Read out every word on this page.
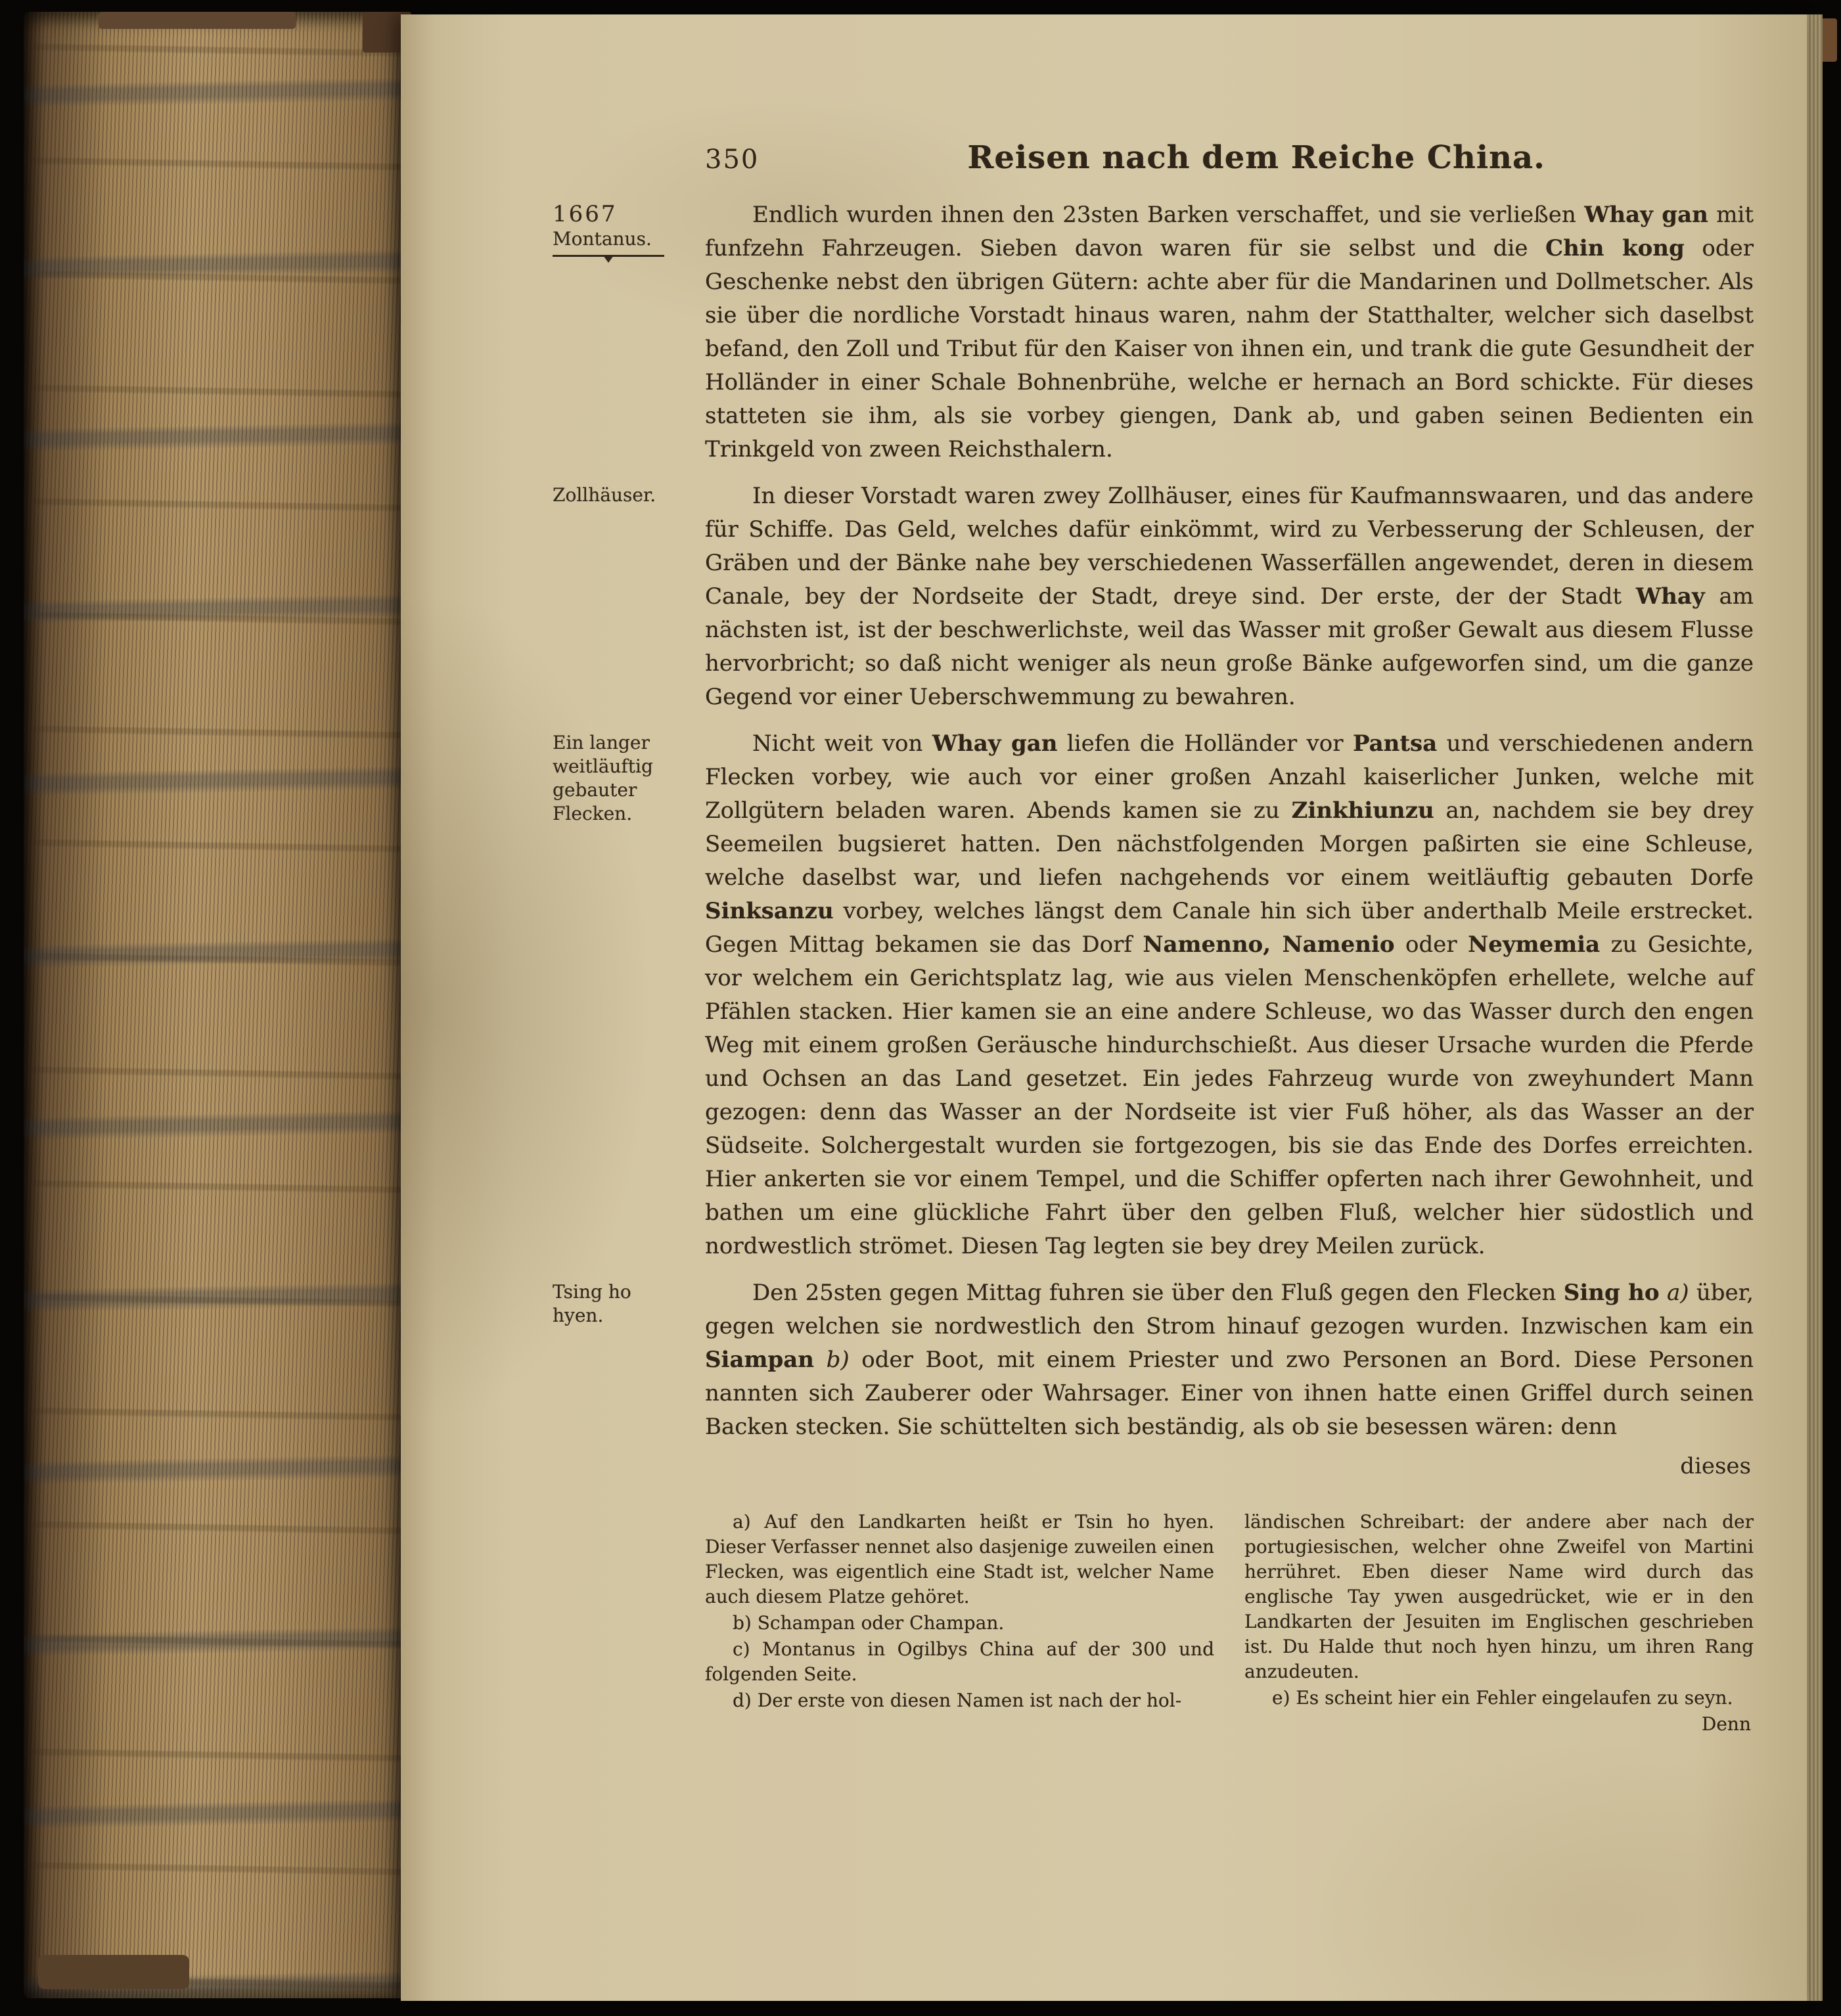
350	Reisen nach dem Reiche China.
1667
Montanus.
Endlich wurden ihnen den 23sten Barken verschaffet, und sie verließen Whay gan mit funfzehn Fahrzeugen. Sieben davon waren für sie selbst und die Chin kong oder Geschenke nebst den übrigen Gütern: achte aber für die Mandarinen und Dollmetscher. Als sie über die nordliche Vorstadt hinaus waren, nahm der Statthalter, welcher sich daselbst befand, den Zoll und Tribut für den Kaiser von ihnen ein, und trank die gute Gesundheit der Holländer in einer Schale Bohnenbrühe, welche er hernach an Bord schickte. Für dieses statteten sie ihm, als sie vorbey giengen, Dank ab, und gaben seinen Bedienten ein Trinkgeld von zween Reichsthalern.
Zollhäuser.	In dieser Vorstadt waren zwey Zollhäuser, eines für Kaufmannswaaren, und das andere für Schiffe. Das Geld, welches dafür einkömmt, wird zu Verbesserung der Schleusen, der Gräben und der Bänke nahe bey verschiedenen Wasserfällen angewendet, deren in diesem Canale, bey der Nordseite der Stadt, dreye sind. Der erste, der der Stadt Whay am nächsten ist, ist der beschwerlichste, weil das Wasser mit großer Gewalt aus diesem Flusse hervorbricht; so daß nicht weniger als neun große Bänke aufgeworfen sind, um die ganze Gegend vor einer Ueberschwemmung zu bewahren.
Ein langer
weitläuftig
gebauter
Flecken.
Nicht weit von Whay gan liefen die Holländer vor Pantsa und verschiedenen andern Flecken vorbey, wie auch vor einer großen Anzahl kaiserlicher Junken, welche mit Zollgütern beladen waren. Abends kamen sie zu Zinkhiunzu an, nachdem sie bey drey Seemeilen bugsieret hatten. Den nächstfolgenden Morgen paßirten sie eine Schleuse, welche daselbst war, und liefen nachgehends vor einem weitläuftig gebauten Dorfe Sinksanzu vorbey, welches längst dem Canale hin sich über anderthalb Meile erstrecket. Gegen Mittag bekamen sie das Dorf Namenno, Namenio oder Neymemia zu Gesichte, vor welchem ein Gerichtsplatz lag, wie aus vielen Menschenköpfen erhellete, welche auf Pfählen stacken. Hier kamen sie an eine andere Schleuse, wo das Wasser durch den engen Weg mit einem großen Geräusche hindurchschießt. Aus dieser Ursache wurden die Pferde und Ochsen an das Land gesetzet. Ein jedes Fahrzeug wurde von zweyhundert Mann gezogen: denn das Wasser an der Nordseite ist vier Fuß höher, als das Wasser an der Südseite. Solchergestalt wurden sie fortgezogen, bis sie das Ende des Dorfes erreichten. Hier ankerten sie vor einem Tempel, und die Schiffer opferten nach ihrer Gewohnheit, und bathen um eine glückliche Fahrt über den gelben Fluß, welcher hier südostlich und nordwestlich strömet. Diesen Tag legten sie bey drey Meilen zurück.
Tsing ho
hyen.
Den 25sten gegen Mittag fuhren sie über den Fluß gegen den Flecken Sing ho a) über, gegen welchen sie nordwestlich den Strom hinauf gezogen wurden. Inzwischen kam ein Siampan b) oder Boot, mit einem Priester und zwo Personen an Bord. Diese Personen nannten sich Zauberer oder Wahrsager. Einer von ihnen hatte einen Griffel durch seinen Backen stecken. Sie schüttelten sich beständig, als ob sie besessen wären: denn
dieses

a) Auf den Landkarten heißt er Tsin ho hyen. Dieser Verfasser nennet also dasjenige zuweilen einen Flecken, was eigentlich eine Stadt ist, welcher Name auch diesem Platze gehöret.

b) Schampan oder Champan.

c) Montanus in Ogilbys China auf der 300 und folgenden Seite.

d) Der erste von diesen Namen ist nach der hol-

ländischen Schreibart: der andere aber nach der portugiesischen, welcher ohne Zweifel von Martini herrühret. Eben dieser Name wird durch das englische Tay ywen ausgedrücket, wie er in den Landkarten der Jesuiten im Englischen geschrieben ist. Du Halde thut noch hyen hinzu, um ihren Rang anzudeuten.

e) Es scheint hier ein Fehler eingelaufen zu seyn.

Denn
